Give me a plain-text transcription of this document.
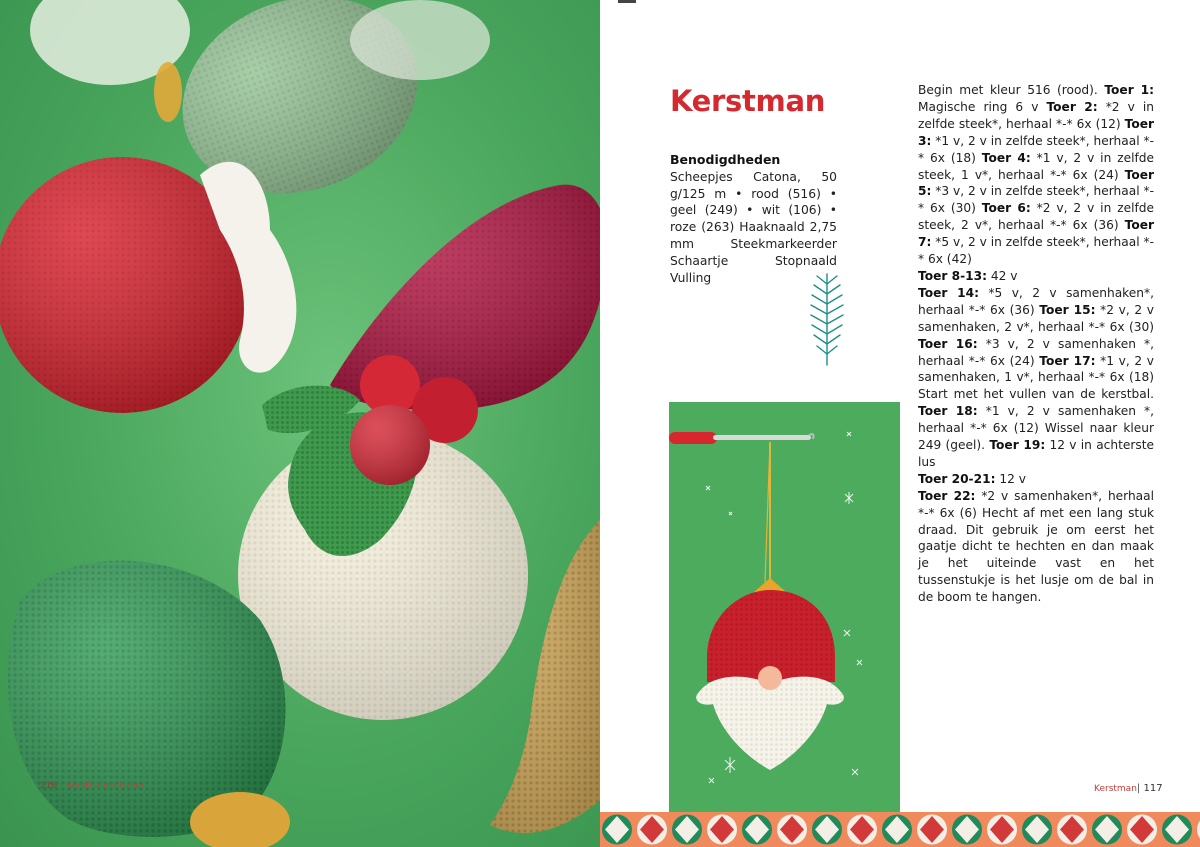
116 | Kerstballen haken
Kerstman
Benodigdheden

Scheepjes Catona, 50 g/125 m • rood (516) • geel (249) • wit (106) • roze (263) Haaknaald 2,75 mm Steekmarkeerder Schaartje Stopnaald Vulling

Begin met kleur 516 (rood). Toer 1: Magische ring 6 v Toer 2: *2 v in zelfde steek*, herhaal *-* 6x (12) Toer 3: *1 v, 2 v in zelfde steek*, herhaal *-* 6x (18) Toer 4: *1 v, 2 v in zelfde steek, 1 v*, herhaal *-* 6x (24) Toer 5: *3 v, 2 v in zelfde steek*, herhaal *-* 6x (30) Toer 6: *2 v, 2 v in zelfde steek, 2 v*, herhaal *-* 6x (36) Toer 7: *5 v, 2 v in zelfde steek*, herhaal *-* 6x (42)
Toer 8-13: 42 v
Toer 14: *5 v, 2 v samenhaken*, herhaal *-* 6x (36) Toer 15: *2 v, 2 v samenhaken, 2 v*, herhaal *-* 6x (30) Toer 16: *3 v, 2 v samenhaken *, herhaal *-* 6x (24) Toer 17: *1 v, 2 v samenhaken, 1 v*, herhaal *-* 6x (18) Start met het vullen van de kerstbal. Toer 18: *1 v, 2 v samenhaken *, herhaal *-* 6x (12) Wissel naar kleur 249 (geel). Toer 19: 12 v in achterste lus
Toer 20-21: 12 v
Toer 22: *2 v samenhaken*, herhaal *-* 6x (6) Hecht af met een lang stuk draad. Dit gebruik je om eerst het gaatje dicht te hechten en dan maak je het uiteinde vast en het tussenstukje is het lusje om de bal in de boom te hangen.

Kerstman| 117
